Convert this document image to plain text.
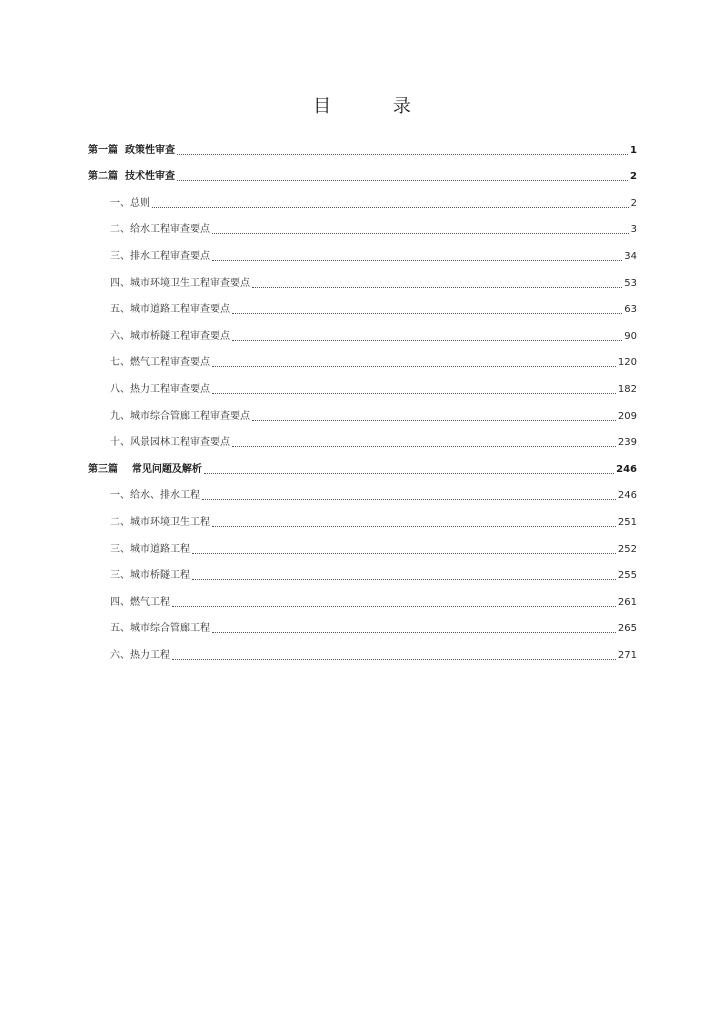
目 录
第一篇  政策性审查	1
第二篇  技术性审查	2
一、总则	2
二、给水工程审查要点	3
三、排水工程审查要点	34
四、城市环境卫生工程审查要点	53
五、城市道路工程审查要点	63
六、城市桥隧工程审查要点	90
七、燃气工程审查要点	120
八、热力工程审查要点	182
九、城市综合管廊工程审查要点	209
十、风景园林工程审查要点	239
第三篇    常见问题及解析	246
一、给水、排水工程	246
二、城市环境卫生工程	251
三、城市道路工程	252
三、城市桥隧工程	255
四、燃气工程	261
五、城市综合管廊工程	265
六、热力工程	271
